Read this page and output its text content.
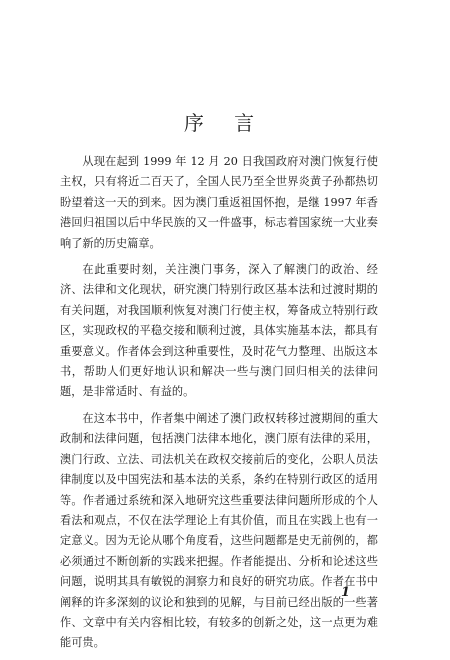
序 言

从现在起到 1999 年 12 月 20 日我国政府对澳门恢复行使主权，只有将近二百天了，全国人民乃至全世界炎黄子孙都热切盼望着这一天的到来。因为澳门重返祖国怀抱，是继 1997 年香港回归祖国以后中华民族的又一件盛事，标志着国家统一大业奏响了新的历史篇章。

在此重要时刻，关注澳门事务，深入了解澳门的政治、经济、法律和文化现状，研究澳门特别行政区基本法和过渡时期的有关问题，对我国顺利恢复对澳门行使主权，筹备成立特别行政区，实现政权的平稳交接和顺利过渡，具体实施基本法，都具有重要意义。作者体会到这种重要性，及时花气力整理、出版这本书，帮助人们更好地认识和解决一些与澳门回归相关的法律问题，是非常适时、有益的。

在这本书中，作者集中阐述了澳门政权转移过渡期间的重大政制和法律问题，包括澳门法律本地化，澳门原有法律的采用，澳门行政、立法、司法机关在政权交接前后的变化，公职人员法律制度以及中国宪法和基本法的关系，条约在特别行政区的适用等。作者通过系统和深入地研究这些重要法律问题所形成的个人看法和观点，不仅在法学理论上有其价值，而且在实践上也有一定意义。因为无论从哪个角度看，这些问题都是史无前例的，都必须通过不断创新的实践来把握。作者能提出、分析和论述这些问题，说明其具有敏锐的洞察力和良好的研究功底。作者在书中阐释的许多深刻的议论和独到的见解，与目前已经出版的一些著作、文章中有关内容相比较，有较多的创新之处，这一点更为难能可贵。

1
